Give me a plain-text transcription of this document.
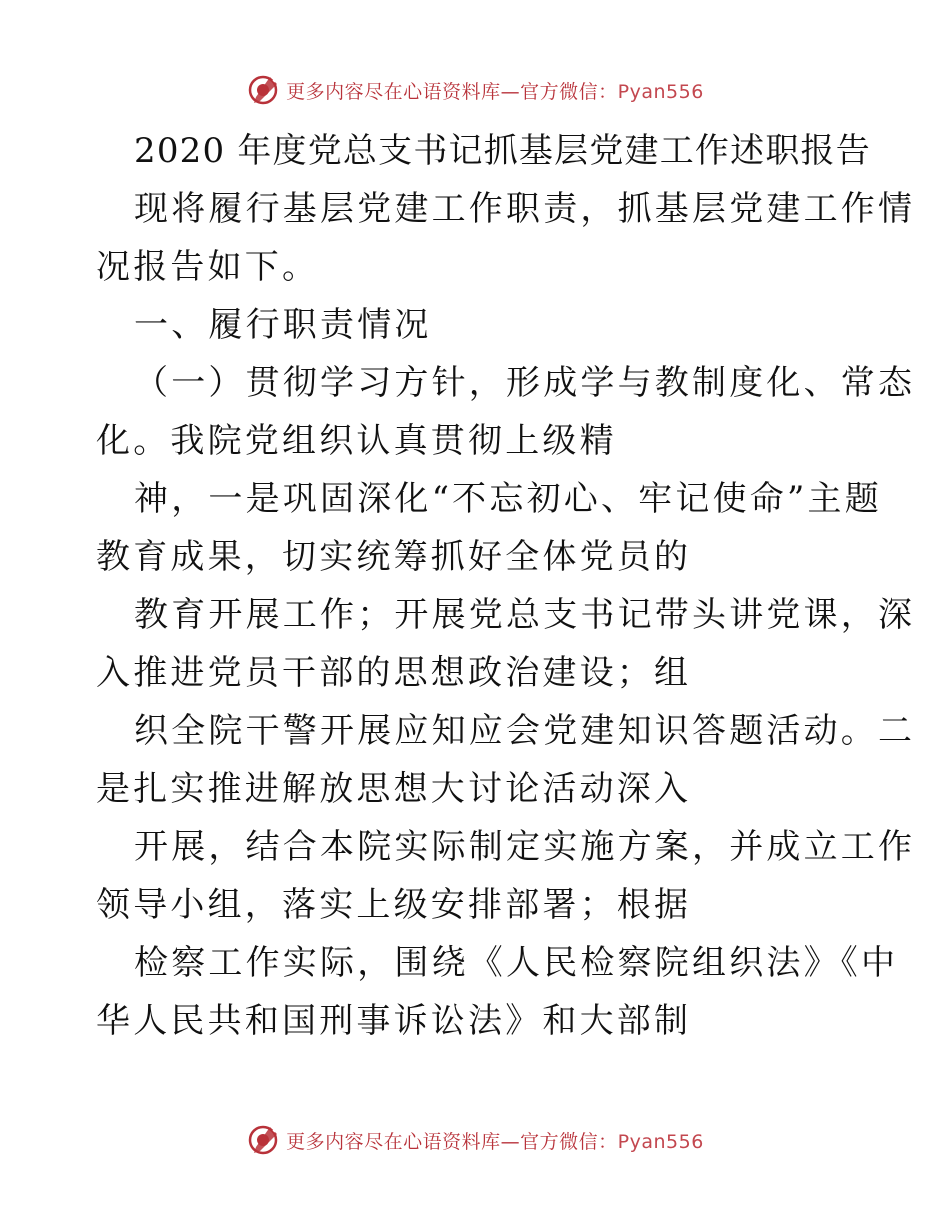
更多内容尽在心语资料库—官方微信：Pyan556
2020 年度党总支书记抓基层党建工作述职报告
现将履行基层党建工作职责，抓基层党建工作情
况报告如下。
一、履行职责情况
（一）贯彻学习方针，形成学与教制度化、常态
化。我院党组织认真贯彻上级精
神，一是巩固深化“不忘初心、牢记使命”主题
教育成果，切实统筹抓好全体党员的
教育开展工作；开展党总支书记带头讲党课，深
入推进党员干部的思想政治建设；组
织全院干警开展应知应会党建知识答题活动。二
是扎实推进解放思想大讨论活动深入
开展，结合本院实际制定实施方案，并成立工作
领导小组，落实上级安排部署；根据
检察工作实际，围绕《人民检察院组织法》《中
华人民共和国刑事诉讼法》和大部制
更多内容尽在心语资料库—官方微信：Pyan556
